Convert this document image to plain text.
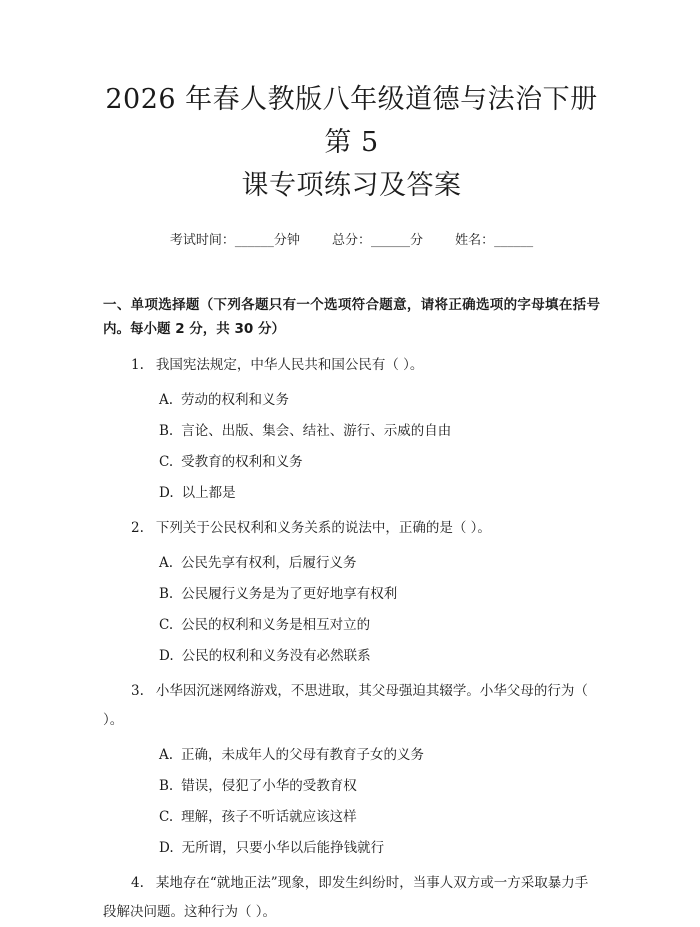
2026 年春人教版八年级道德与法治下册第 5
课专项练习及答案
考试时间：______分钟 总分：______分 姓名：______
一、单项选择题（下列各题只有一个选项符合题意，请将正确选项的字母填在括号内。每小题 2 分，共 30 分）
1. 我国宪法规定，中华人民共和国公民有（ ）。
A. 劳动的权利和义务
B. 言论、出版、集会、结社、游行、示威的自由
C. 受教育的权利和义务
D. 以上都是
2. 下列关于公民权利和义务关系的说法中，正确的是（ ）。
A. 公民先享有权利，后履行义务
B. 公民履行义务是为了更好地享有权利
C. 公民的权利和义务是相互对立的
D. 公民的权利和义务没有必然联系
3. 小华因沉迷网络游戏，不思进取，其父母强迫其辍学。小华父母的行为（ ）。
A. 正确，未成年人的父母有教育子女的义务
B. 错误，侵犯了小华的受教育权
C. 理解，孩子不听话就应该这样
D. 无所谓，只要小华以后能挣钱就行
4. 某地存在“就地正法”现象，即发生纠纷时，当事人双方或一方采取暴力手段解决问题。这种行为（ ）。
